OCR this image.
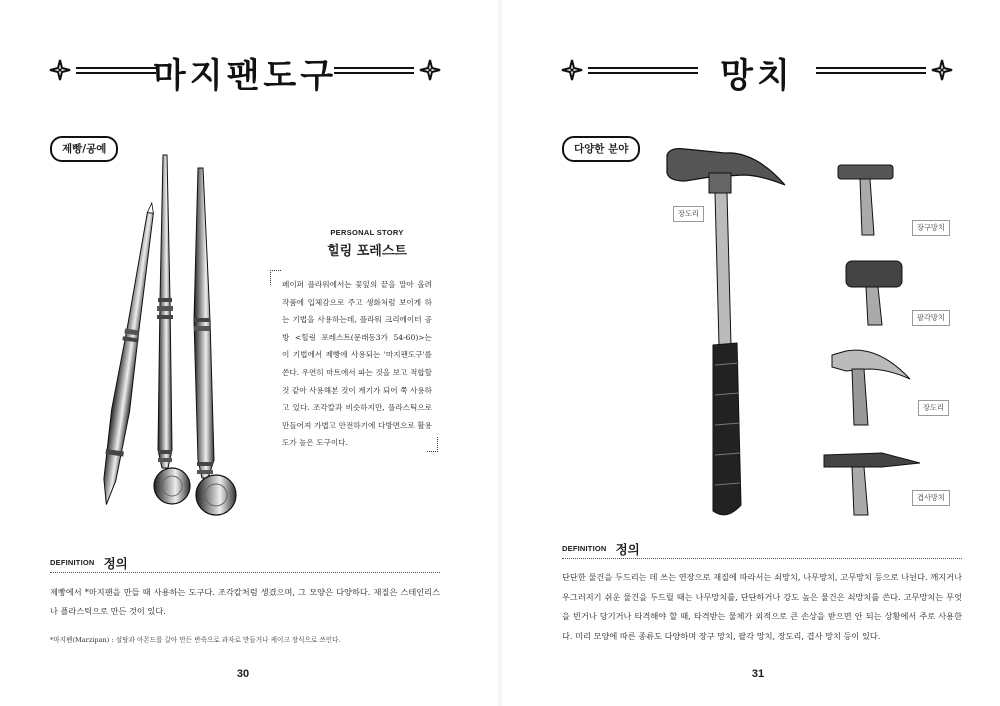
마지팬도구
제빵/공예
PERSONAL STORY
힐링 포레스트
페이퍼 플라워에서는 꽃잎의 끝을 말아 올려 작품에 입체감으로 주고 생화처럼 보이게 하는 기법을 사용하는데, 플라워 크리에이터 공방 <힐링 포레스트(문래동3가 54-60)>는 이 기법에서 제빵에 사용되는 '마지팬도구'를 쓴다. 우연히 마트에서 파는 것을 보고 적합할 것 같아 사용해본 것이 계기가 되어 쭉 사용하고 있다. 조각칼과 비슷하지만, 플라스틱으로 만들어져 가볍고 안전하기에 다방면으로 활용도가 높은 도구이다.
DEFINITION 정의
제빵에서 *마지팬을 만들 때 사용하는 도구다. 조각칼처럼 생겼으며, 그 모양은 다양하다. 재질은 스테인리스나 플라스틱으로 만든 것이 있다.
*마지팬(Marzipan) : 설탕과 아몬드를 갈아 만든 반죽으로 과자로 만들거나 케이크 장식으로 쓰인다.
30
망치
다양한 분야
장도리
장구망치
팔각망치
장도리
겹사망치
DEFINITION 정의
단단한 물건을 두드리는 데 쓰는 연장으로 재질에 따라서는 쇠망치, 나무망치, 고무망치 등으로 나뉜다. 깨지거나 우그러지기 쉬운 물건을 두드릴 때는 나무망치를, 단단하거나 강도 높은 물건은 쇠망치를 쓴다. 고무망치는 무엇을 빈거나 당기거나 타격해야 할 때, 타격받는 물체가 외적으로 큰 손상을 받으면 안 되는 상황에서 주로 사용한다. 미리 모양에 따른 종류도 다양하며 장구 망치, 팔각 망치, 장도리, 겹사 망치 등이 있다.
31
